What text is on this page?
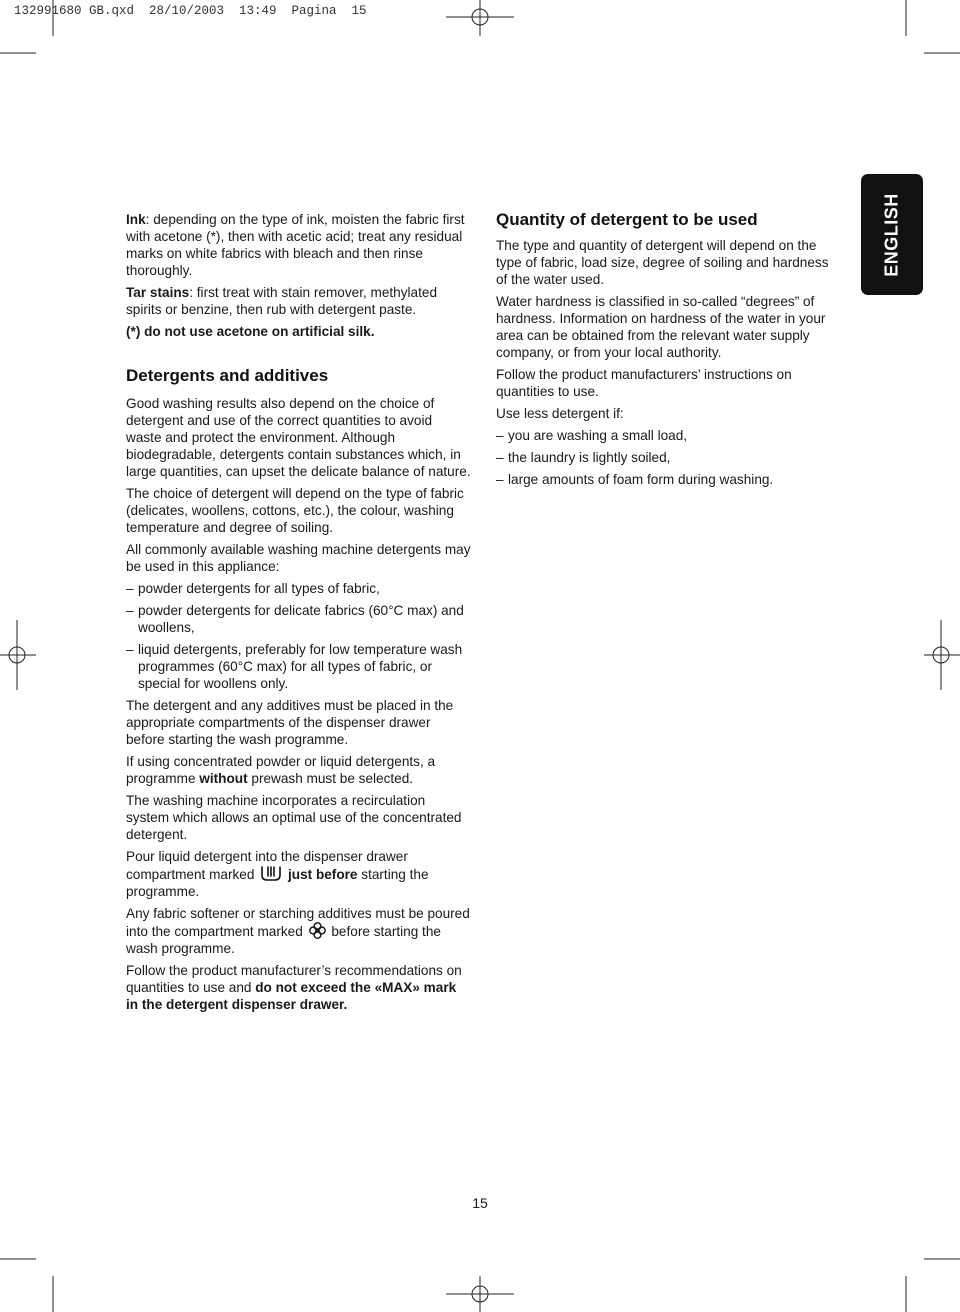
132991680 GB.qxd  28/10/2003  13:49  Pagina  15

Ink: depending on the type of ink, moisten the fabric first with acetone (*), then with acetic acid; treat any residual marks on white fabrics with bleach and then rinse thoroughly.

Tar stains: first treat with stain remover, methylated spirits or benzine, then rub with detergent paste.

(*) do not use acetone on artificial silk.

Detergents and additives

Good washing results also depend on the choice of detergent and use of the correct quantities to avoid waste and protect the environment. Although biodegradable, detergents contain substances which, in large quantities, can upset the delicate balance of nature.

The choice of detergent will depend on the type of fabric (delicates, woollens, cottons, etc.), the colour, washing temperature and degree of soiling.

All commonly available washing machine detergents may be used in this appliance:

– powder detergents for all types of fabric,
– powder detergents for delicate fabrics (60°C max) and woollens,
– liquid detergents, preferably for low temperature wash programmes (60°C max) for all types of fabric, or special for woollens only.

The detergent and any additives must be placed in the appropriate compartments of the dispenser drawer before starting the wash programme.

If using concentrated powder or liquid detergents, a programme without prewash must be selected.

The washing machine incorporates a recirculation system which allows an optimal use of the concentrated detergent.

Pour liquid detergent into the dispenser drawer compartment marked just before starting the programme.

Any fabric softener or starching additives must be poured into the compartment marked  before starting the wash programme.

Follow the product manufacturer’s recommendations on quantities to use and do not exceed the «MAX» mark in the detergent dispenser drawer.

Quantity of detergent to be used

The type and quantity of detergent will depend on the type of fabric, load size, degree of soiling and hardness of the water used.

Water hardness is classified in so-called “degrees” of hardness. Information on hardness of the water in your area can be obtained from the relevant water supply company, or from your local authority.

Follow the product manufacturers’ instructions on quantities to use.

Use less detergent if:

– you are washing a small load,
– the laundry is lightly soiled,
– large amounts of foam form during washing.
ENGLISH
15
